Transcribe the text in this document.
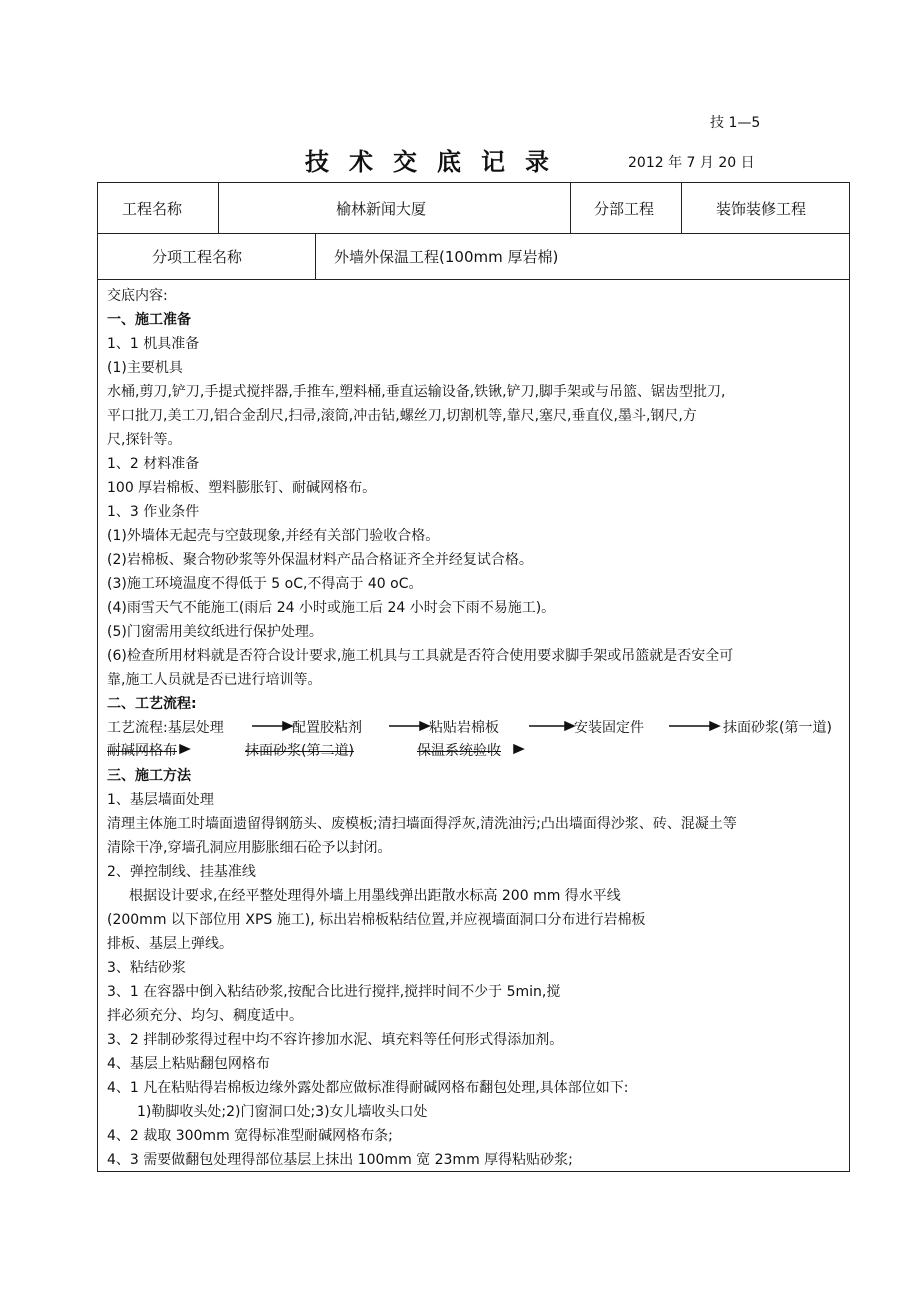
技 1—5
技术交底记录	2012 年 7 月 20 日
工程名称	榆林新闻大厦	分部工程	装饰装修工程
分项工程名称	外墙外保温工程(100mm 厚岩棉)
交底内容:
一、施工准备
1、1 机具准备
(1)主要机具
水桶,剪刀,铲刀,手提式搅拌器,手推车,塑料桶,垂直运输设备,铁锹,铲刀,脚手架或与吊篮、锯齿型批刀,
平口批刀,美工刀,铝合金刮尺,扫帚,滚筒,冲击钻,螺丝刀,切割机等,靠尺,塞尺,垂直仪,墨斗,钢尺,方
尺,探针等。
1、2 材料准备
100 厚岩棉板、塑料膨胀钉、耐碱网格布。
1、3 作业条件
(1)外墙体无起壳与空鼓现象,并经有关部门验收合格。
(2)岩棉板、聚合物砂浆等外保温材料产品合格证齐全并经复试合格。
(3)施工环境温度不得低于 5 oC,不得高于 40 oC。
(4)雨雪天气不能施工(雨后 24 小时或施工后 24 小时会下雨不易施工)。
(5)门窗需用美纹纸进行保护处理。
(6)检查所用材料就是否符合设计要求,施工机具与工具就是否符合使用要求脚手架或吊篮就是否安全可
靠,施工人员就是否已进行培训等。
二、工艺流程:
工艺流程:基层处理	配置胶粘剂	粘贴岩棉板	安装固定件	抹面砂浆(第一道)
耐碱网格布	抹面砂浆(第二道)	保温系统验收
三、施工方法
1、基层墙面处理
清理主体施工时墙面遗留得钢筋头、废模板;清扫墙面得浮灰,清洗油污;凸出墙面得沙浆、砖、混凝土等
清除干净,穿墙孔洞应用膨胀细石砼予以封闭。
2、弹控制线、挂基准线
根据设计要求,在经平整处理得外墙上用墨线弹出距散水标高 200 mm 得水平线
(200mm 以下部位用 XPS 施工), 标出岩棉板粘结位置,并应视墙面洞口分布进行岩棉板
排板、基层上弹线。
3、粘结砂浆
3、1 在容器中倒入粘结砂浆,按配合比进行搅拌,搅拌时间不少于 5min,搅
拌必须充分、均匀、稠度适中。
3、2 拌制砂浆得过程中均不容许掺加水泥、填充料等任何形式得添加剂。
4、基层上粘贴翻包网格布
4、1 凡在粘贴得岩棉板边缘外露处都应做标准得耐碱网格布翻包处理,具体部位如下:
1)勒脚收头处;2)门窗洞口处;3)女儿墙收头口处
4、2 裁取 300mm 宽得标准型耐碱网格布条;
4、3 需要做翻包处理得部位基层上抹出 100mm 宽 23mm 厚得粘贴砂浆;
